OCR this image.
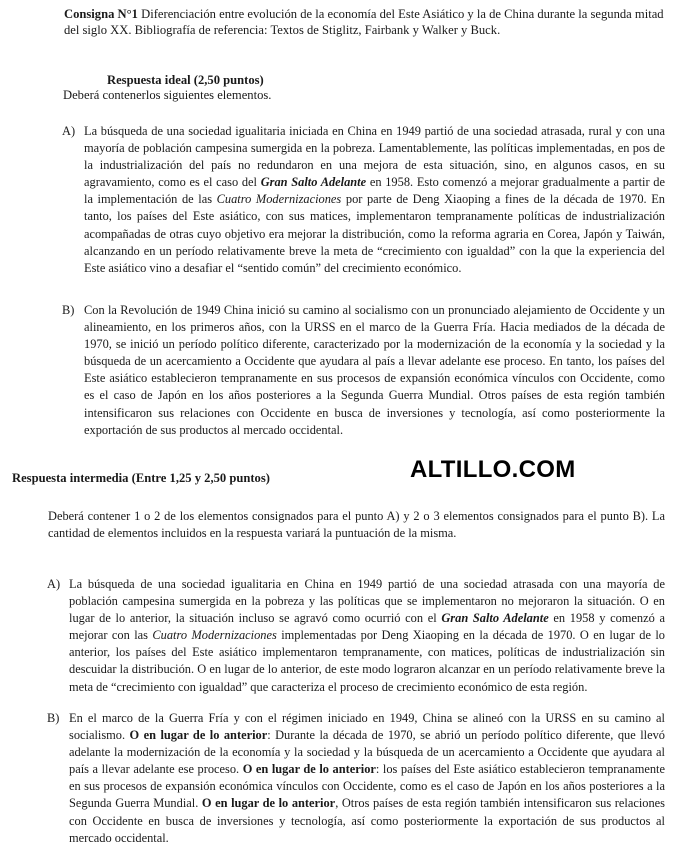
Consigna N°1 Diferenciación entre evolución de la economía del Este Asiático y la de China durante la segunda mitad del siglo XX. Bibliografía de referencia: Textos de Stiglitz, Fairbank y Walker y Buck.
Respuesta ideal (2,50 puntos)
Deberá contenerlos siguientes elementos.
A) La búsqueda de una sociedad igualitaria iniciada en China en 1949 partió de una sociedad atrasada, rural y con una mayoría de población campesina sumergida en la pobreza. Lamentablemente, las políticas implementadas, en pos de la industrialización del país no redundaron en una mejora de esta situación, sino, en algunos casos, en su agravamiento, como es el caso del Gran Salto Adelante en 1958. Esto comenzó a mejorar gradualmente a partir de la implementación de las Cuatro Modernizaciones por parte de Deng Xiaoping a fines de la década de 1970. En tanto, los países del Este asiático, con sus matices, implementaron tempranamente políticas de industrialización acompañadas de otras cuyo objetivo era mejorar la distribución, como la reforma agraria en Corea, Japón y Taiwán, alcanzando en un período relativamente breve la meta de “crecimiento con igualdad” con la que la experiencia del Este asiático vino a desafiar el “sentido común” del crecimiento económico.
B) Con la Revolución de 1949 China inició su camino al socialismo con un pronunciado alejamiento de Occidente y un alineamiento, en los primeros años, con la URSS en el marco de la Guerra Fría. Hacia mediados de la década de 1970, se inició un período político diferente, caracterizado por la modernización de la economía y la sociedad y la búsqueda de un acercamiento a Occidente que ayudara al país a llevar adelante ese proceso. En tanto, los países del Este asiático establecieron tempranamente en sus procesos de expansión económica vínculos con Occidente, como es el caso de Japón en los años posteriores a la Segunda Guerra Mundial. Otros países de esta región también intensificaron sus relaciones con Occidente en busca de inversiones y tecnología, así como posteriormente la exportación de sus productos al mercado occidental.
ALTILLO.COM
Respuesta intermedia (Entre 1,25 y 2,50 puntos)
Deberá contener 1 o 2 de los elementos consignados para el punto A) y 2 o 3 elementos consignados para el punto B). La cantidad de elementos incluidos en la respuesta variará la puntuación de la misma.
A) La búsqueda de una sociedad igualitaria en China en 1949 partió de una sociedad atrasada con una mayoría de población campesina sumergida en la pobreza y las políticas que se implementaron no mejoraron la situación. O en lugar de lo anterior, la situación incluso se agravó como ocurrió con el Gran Salto Adelante en 1958 y comenzó a mejorar con las Cuatro Modernizaciones implementadas por Deng Xiaoping en la década de 1970. O en lugar de lo anterior, los países del Este asiático implementaron tempranamente, con matices, políticas de industrialización sin descuidar la distribución. O en lugar de lo anterior, de este modo lograron alcanzar en un período relativamente breve la meta de “crecimiento con igualdad” que caracteriza el proceso de crecimiento económico de esta región.
B) En el marco de la Guerra Fría y con el régimen iniciado en 1949, China se alineó con la URSS en su camino al socialismo. O en lugar de lo anterior: Durante la década de 1970, se abrió un período político diferente, que llevó adelante la modernización de la economía y la sociedad y la búsqueda de un acercamiento a Occidente que ayudara al país a llevar adelante ese proceso. O en lugar de lo anterior: los países del Este asiático establecieron tempranamente en sus procesos de expansión económica vínculos con Occidente, como es el caso de Japón en los años posteriores a la Segunda Guerra Mundial. O en lugar de lo anterior, Otros países de esta región también intensificaron sus relaciones con Occidente en busca de inversiones y tecnología, así como posteriormente la exportación de sus productos al mercado occidental.
